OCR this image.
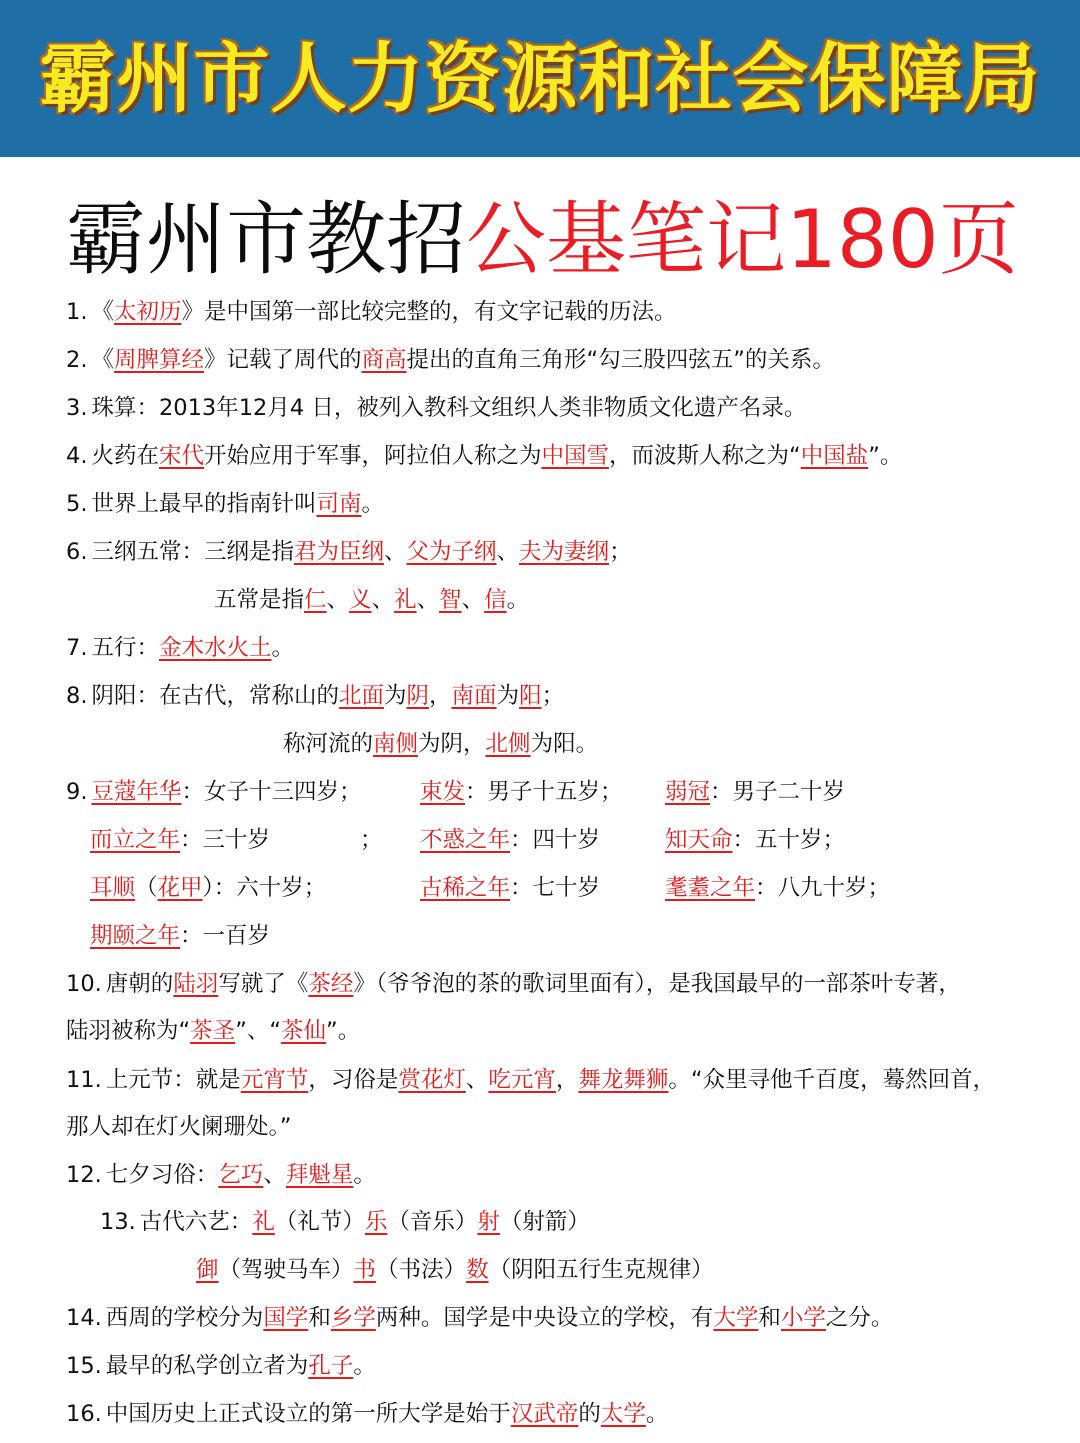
霸州市人力资源和社会保障局
霸州市教招公基笔记180页
1. 《太初历》是中国第一部比较完整的，有文字记载的历法。
2. 《周脾算经》记载了周代的商高提出的直角三角形“勾三股四弦五”的关系。
3. 珠算：2013年12月4 日，被列入教科文组织人类非物质文化遗产名录。
4. 火药在宋代开始应用于军事，阿拉伯人称之为中国雪，而波斯人称之为“中国盐”。
5. 世界上最早的指南针叫司南。
6. 三纲五常：三纲是指君为臣纲、父为子纲、夫为妻纲；
五常是指仁、义、礼、智、信。
7. 五行：金木水火土。
8. 阴阳：在古代，常称山的北面为阴，南面为阳；
称河流的南侧为阴，北侧为阳。
9. 豆蔻年华：女子十三四岁；	束发：男子十五岁； 弱冠：男子二十岁
而立之年：三十岁	； 不惑之年：四十岁	知天命：五十岁；
耳顺（花甲）：六十岁；	古稀之年：七十岁	耄耋之年：八九十岁；
期颐之年：一百岁
10. 唐朝的陆羽写就了《茶经》（爷爷泡的茶的歌词里面有），是我国最早的一部茶叶专著，
陆羽被称为“茶圣”、“茶仙”。
11. 上元节：就是元宵节，习俗是赏花灯、吃元宵，舞龙舞狮。“众里寻他千百度，蓦然回首，
那人却在灯火阑珊处。”
12. 七夕习俗：乞巧、拜魁星。
13. 古代六艺：礼（礼节）乐（音乐）射（射箭）
御（驾驶马车）书（书法）数（阴阳五行生克规律）
14. 西周的学校分为国学和乡学两种。国学是中央设立的学校，有大学和小学之分。
15. 最早的私学创立者为孔子。
16. 中国历史上正式设立的第一所大学是始于汉武帝的太学。
